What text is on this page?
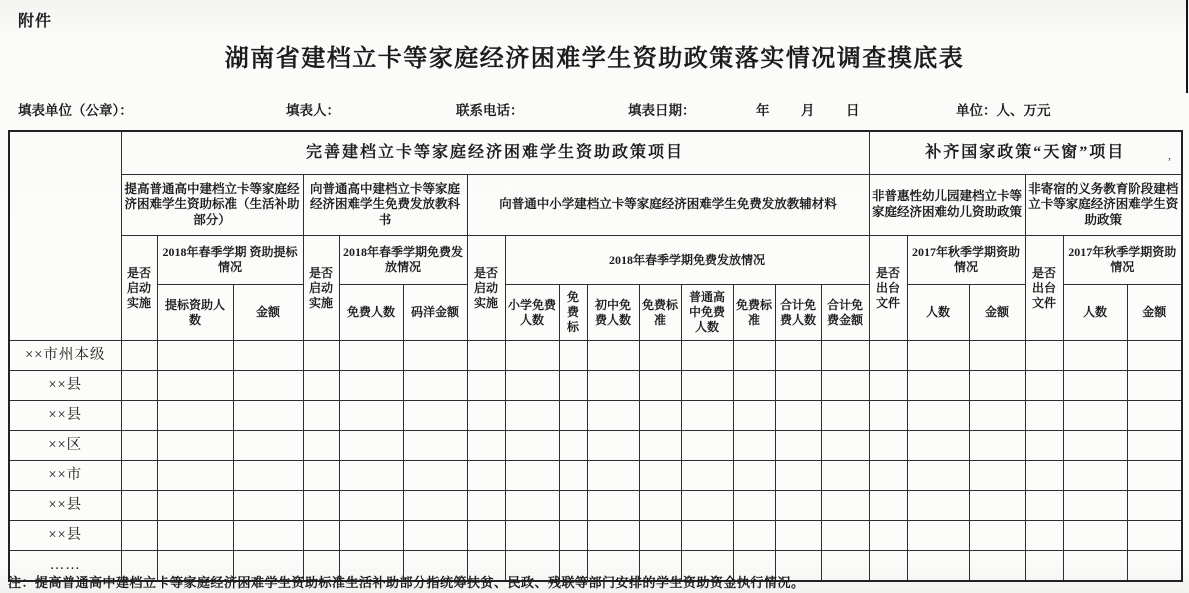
附件
湖南省建档立卡等家庭经济困难学生资助政策落实情况调查摸底表
填表单位（公章）：	填表人：	联系电话：	填表日期：	年 月 日	单位：人、万元
	完善建档立卡等家庭经济困难学生资助政策项目															补齐国家政策“天窗”项目					
	提高普通高中建档立卡等家庭经济困难学生资助标准（生活补助部分）			向普通高中建档立卡等家庭经济困难学生免费发放教科书			向普通中小学建档立卡等家庭经济困难学生免费发放教辅材料									非普惠性幼儿园建档立卡等家庭经济困难幼儿资助政策			非寄宿的义务教育阶段建档立卡等家庭经济困难学生资助政策		
	是否启动实施	2018年春季学期 资助提标情况		是否启动实施	2018年春季学期免费发放情况		是否启动实施	2018年春季学期免费发放情况								是否出台文件	2017年秋季学期资助情况		是否出台文件	2017年秋季学期资助情况	
		提标资助人数	金额		免费人数	码洋金额		小学免费人数	免费标	初中免费人数	免费标准	普通高中免费人数	免费标准	合计免费人数	合计免费金额		人数	金额		人数	金额
××市州本级																					
××县																					
××县																					
××区																					
××市																					
××县																					
××县																					
……																					
注：提高普通高中建档立卡等家庭经济困难学生资助标准生活补助部分指统筹扶贫、民政、残联等部门安排的学生资助资金执行情况。
,
